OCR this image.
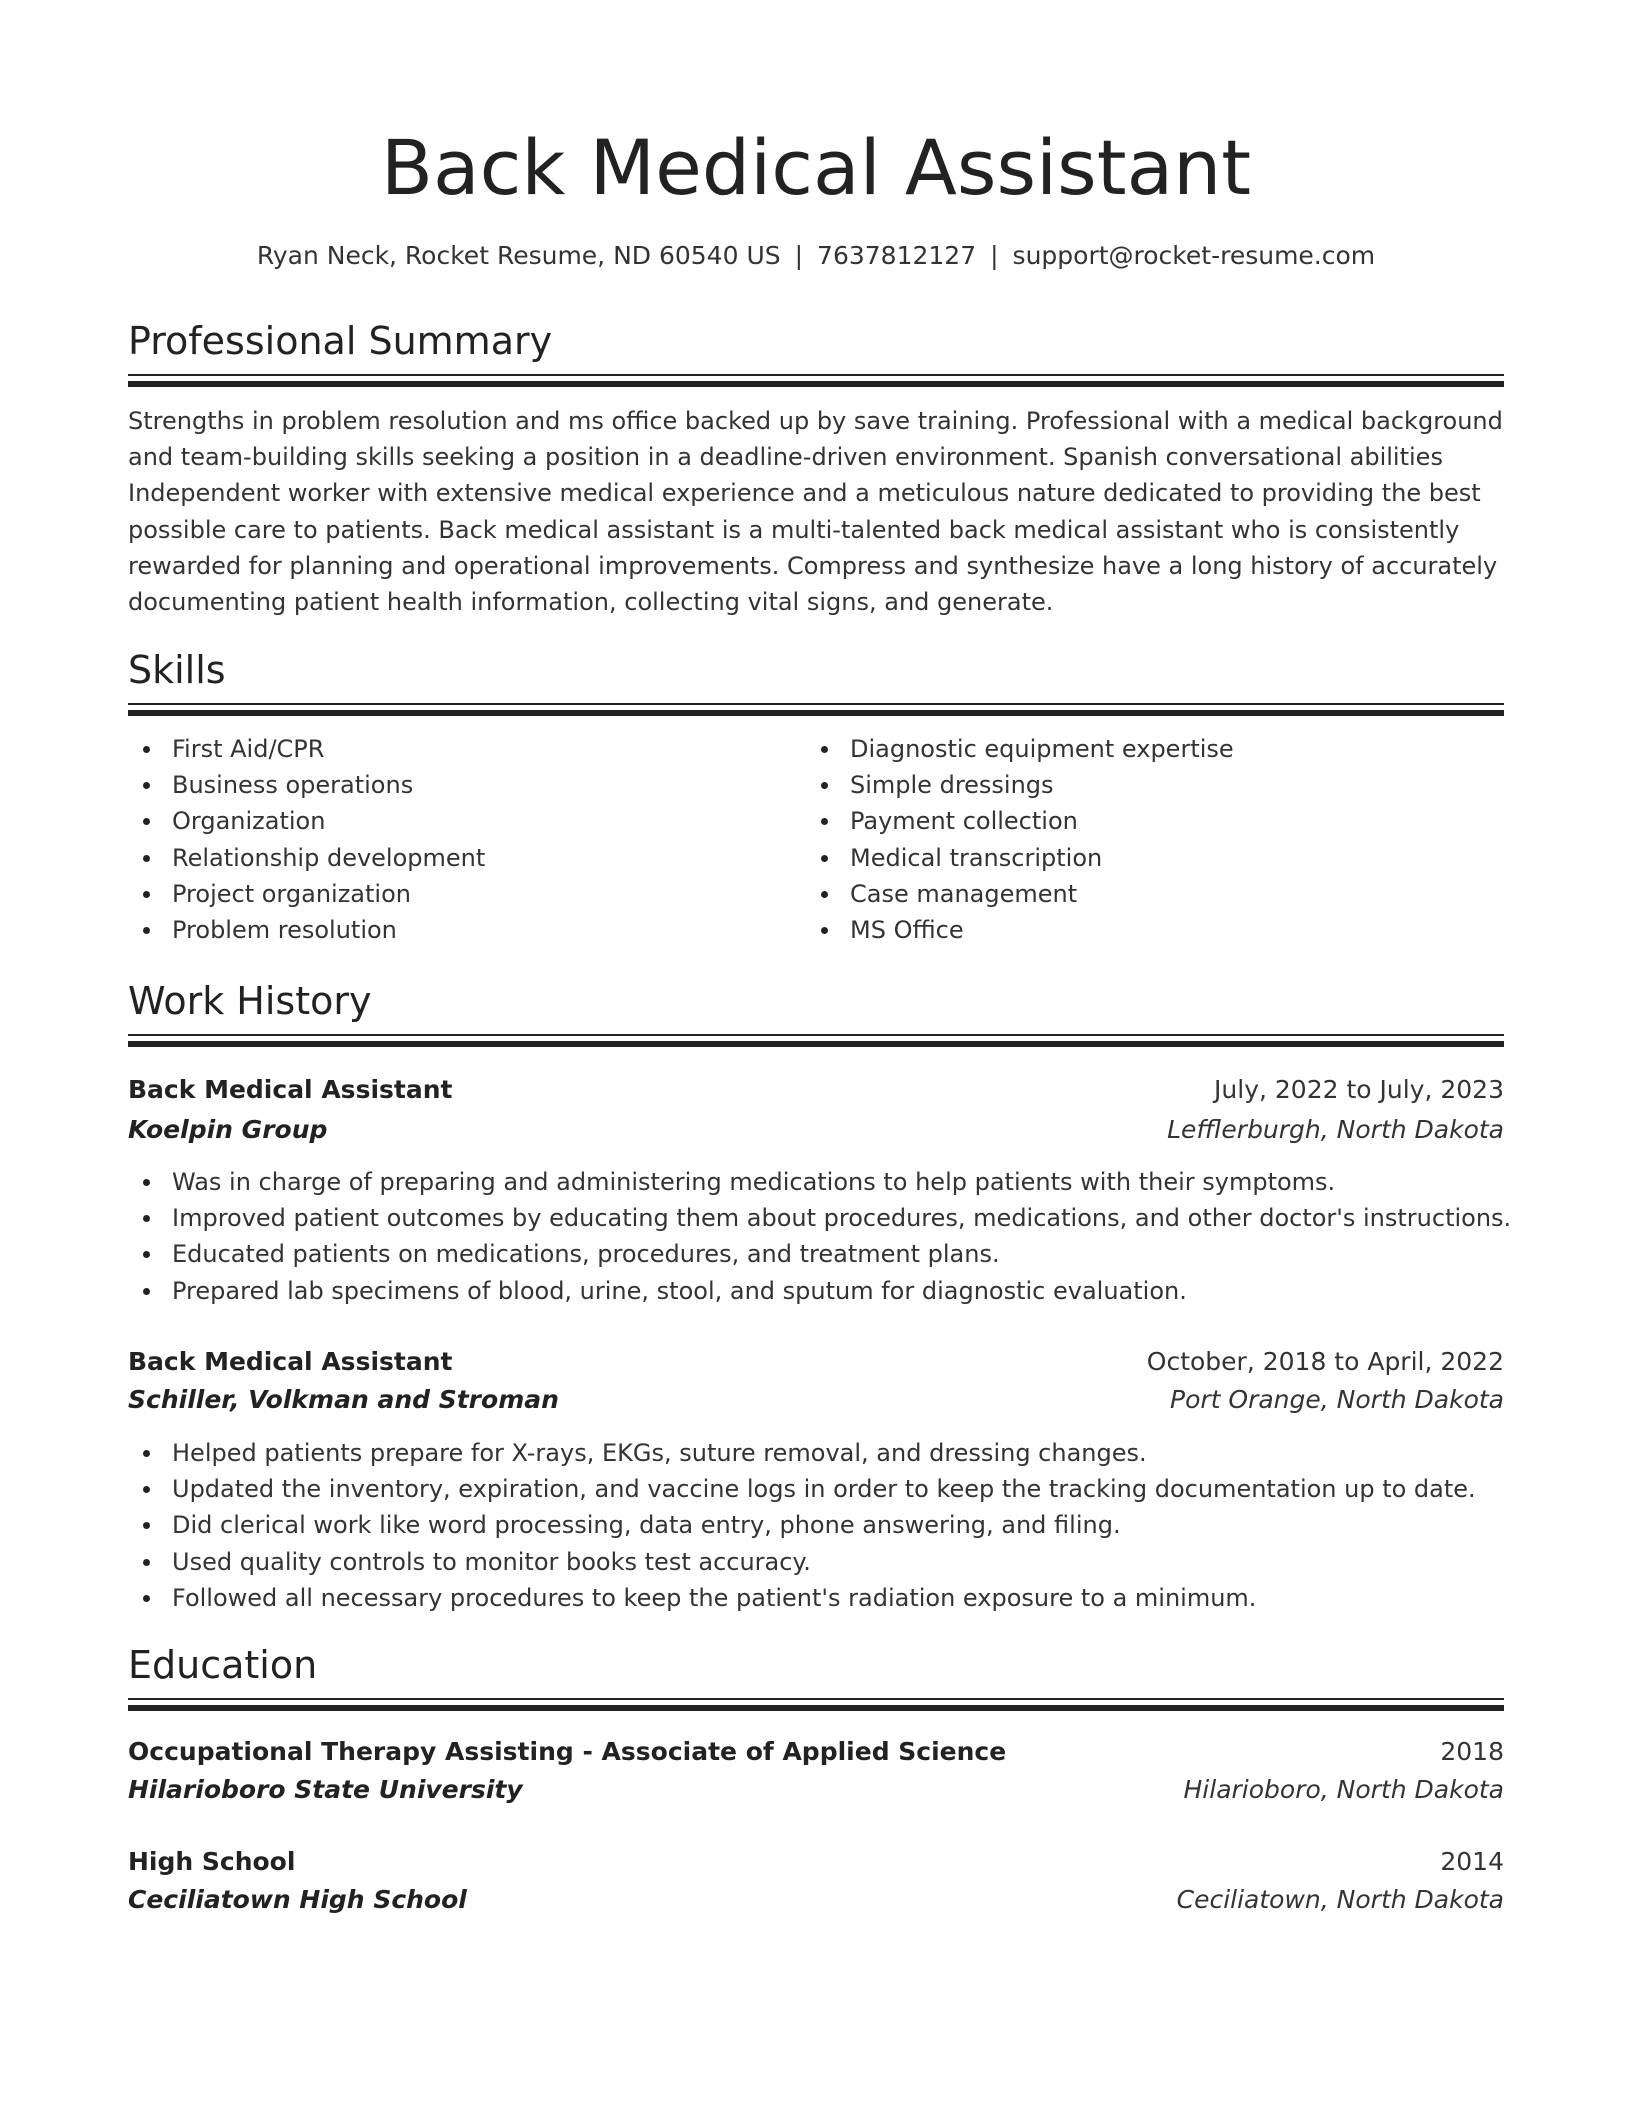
Back Medical Assistant
Ryan Neck, Rocket Resume, ND 60540 US | 7637812127 | support@rocket-resume.com
Professional Summary

Strengths in problem resolution and ms office backed up by save training. Professional with a medical background and team-building skills seeking a position in a deadline-driven environment. Spanish conversational abilities Independent worker with extensive medical experience and a meticulous nature dedicated to providing the best possible care to patients. Back medical assistant is a multi-talented back medical assistant who is consistently rewarded for planning and operational improvements. Compress and synthesize have a long history of accurately documenting patient health information, collecting vital signs, and generate.

Skills
First Aid/CPR
Business operations
Organization
Relationship development
Project organization
Problem resolution
Diagnostic equipment expertise
Simple dressings
Payment collection
Medical transcription
Case management
MS Office
Work History
Back Medical Assistant	July, 2022 to July, 2023
Koelpin Group	Lefflerburgh, North Dakota
Was in charge of preparing and administering medications to help patients with their symptoms.
Improved patient outcomes by educating them about procedures, medications, and other doctor's instructions.
Educated patients on medications, procedures, and treatment plans.
Prepared lab specimens of blood, urine, stool, and sputum for diagnostic evaluation.
Back Medical Assistant	October, 2018 to April, 2022
Schiller, Volkman and Stroman	Port Orange, North Dakota
Helped patients prepare for X-rays, EKGs, suture removal, and dressing changes.
Updated the inventory, expiration, and vaccine logs in order to keep the tracking documentation up to date.
Did clerical work like word processing, data entry, phone answering, and filing.
Used quality controls to monitor books test accuracy.
Followed all necessary procedures to keep the patient's radiation exposure to a minimum.
Education
Occupational Therapy Assisting - Associate of Applied Science	2018
Hilarioboro State University	Hilarioboro, North Dakota
High School	2014
Ceciliatown High School	Ceciliatown, North Dakota
